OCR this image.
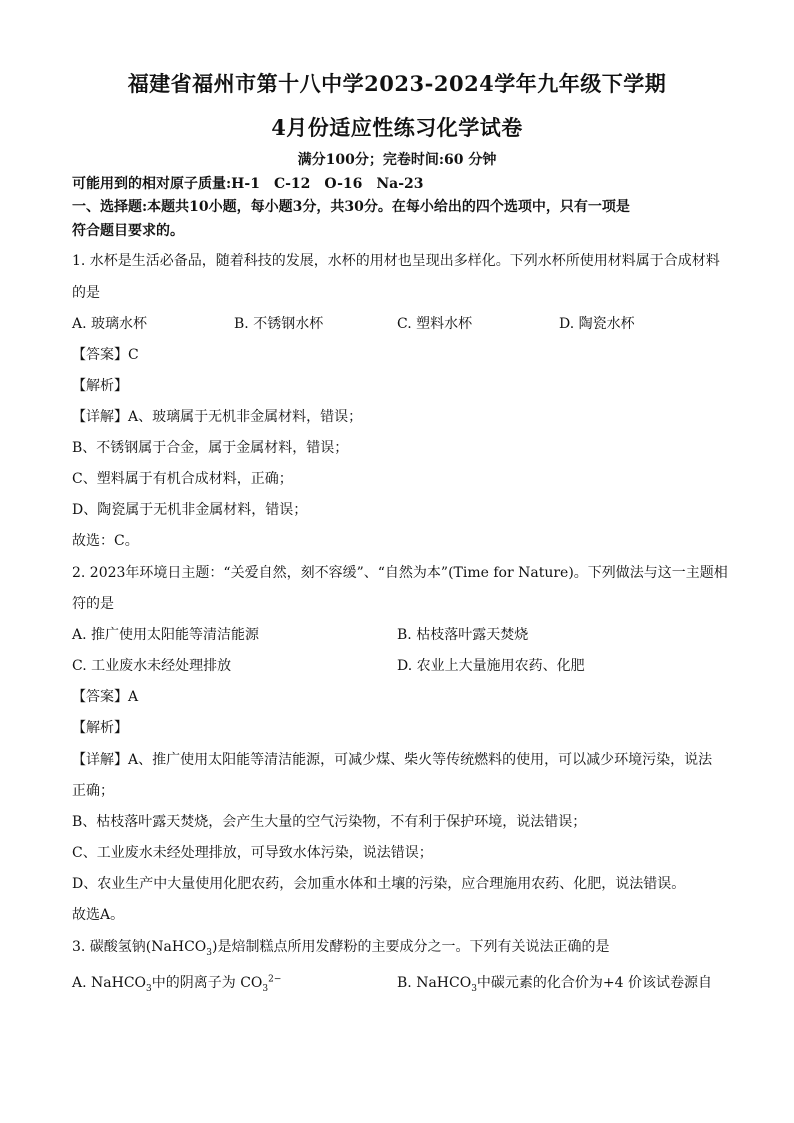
福建省福州市第十八中学2023-2024学年九年级下学期
4月份适应性练习化学试卷
满分100分；完卷时间:60 分钟
可能用到的相对原子质量:H-1　C-12　O-16　Na-23
一、选择题:本题共10小题，每小题3分，共30分。在每小给出的四个选项中，只有一项是
符合题目要求的。
1. 水杯是生活必备品，随着科技的发展，水杯的用材也呈现出多样化。下列水杯所使用材料属于合成材料
的是
A. 玻璃水杯	B. 不锈钢水杯	C. 塑料水杯	D. 陶瓷水杯
【答案】C
【解析】
【详解】A、玻璃属于无机非金属材料，错误；
B、不锈钢属于合金，属于金属材料，错误；
C、塑料属于有机合成材料，正确；
D、陶瓷属于无机非金属材料，错误；
故选：C。
2. 2023年环境日主题：“关爱自然，刻不容缓”、“自然为本”(Time for Nature)。下列做法与这一主题相
符的是
A. 推广使用太阳能等清洁能源	B. 枯枝落叶露天焚烧
C. 工业废水未经处理排放	D. 农业上大量施用农药、化肥
【答案】A
【解析】
【详解】A、推广使用太阳能等清洁能源，可减少煤、柴火等传统燃料的使用，可以减少环境污染，说法
正确；
B、枯枝落叶露天焚烧，会产生大量的空气污染物，不有利于保护环境，说法错误；
C、工业废水未经处理排放，可导致水体污染，说法错误；
D、农业生产中大量使用化肥农药，会加重水体和土壤的污染，应合理施用农药、化肥，说法错误。
故选A。
3. 碳酸氢钠(NaHCO$_3$)是焙制糕点所用发酵粉的主要成分之一。下列有关说法正确的是
A. NaHCO$_3$中的阴离子为 $CO_3^{2-}$	B. NaHCO$_3$中碳元素的化合价为+4 价该试卷源自
